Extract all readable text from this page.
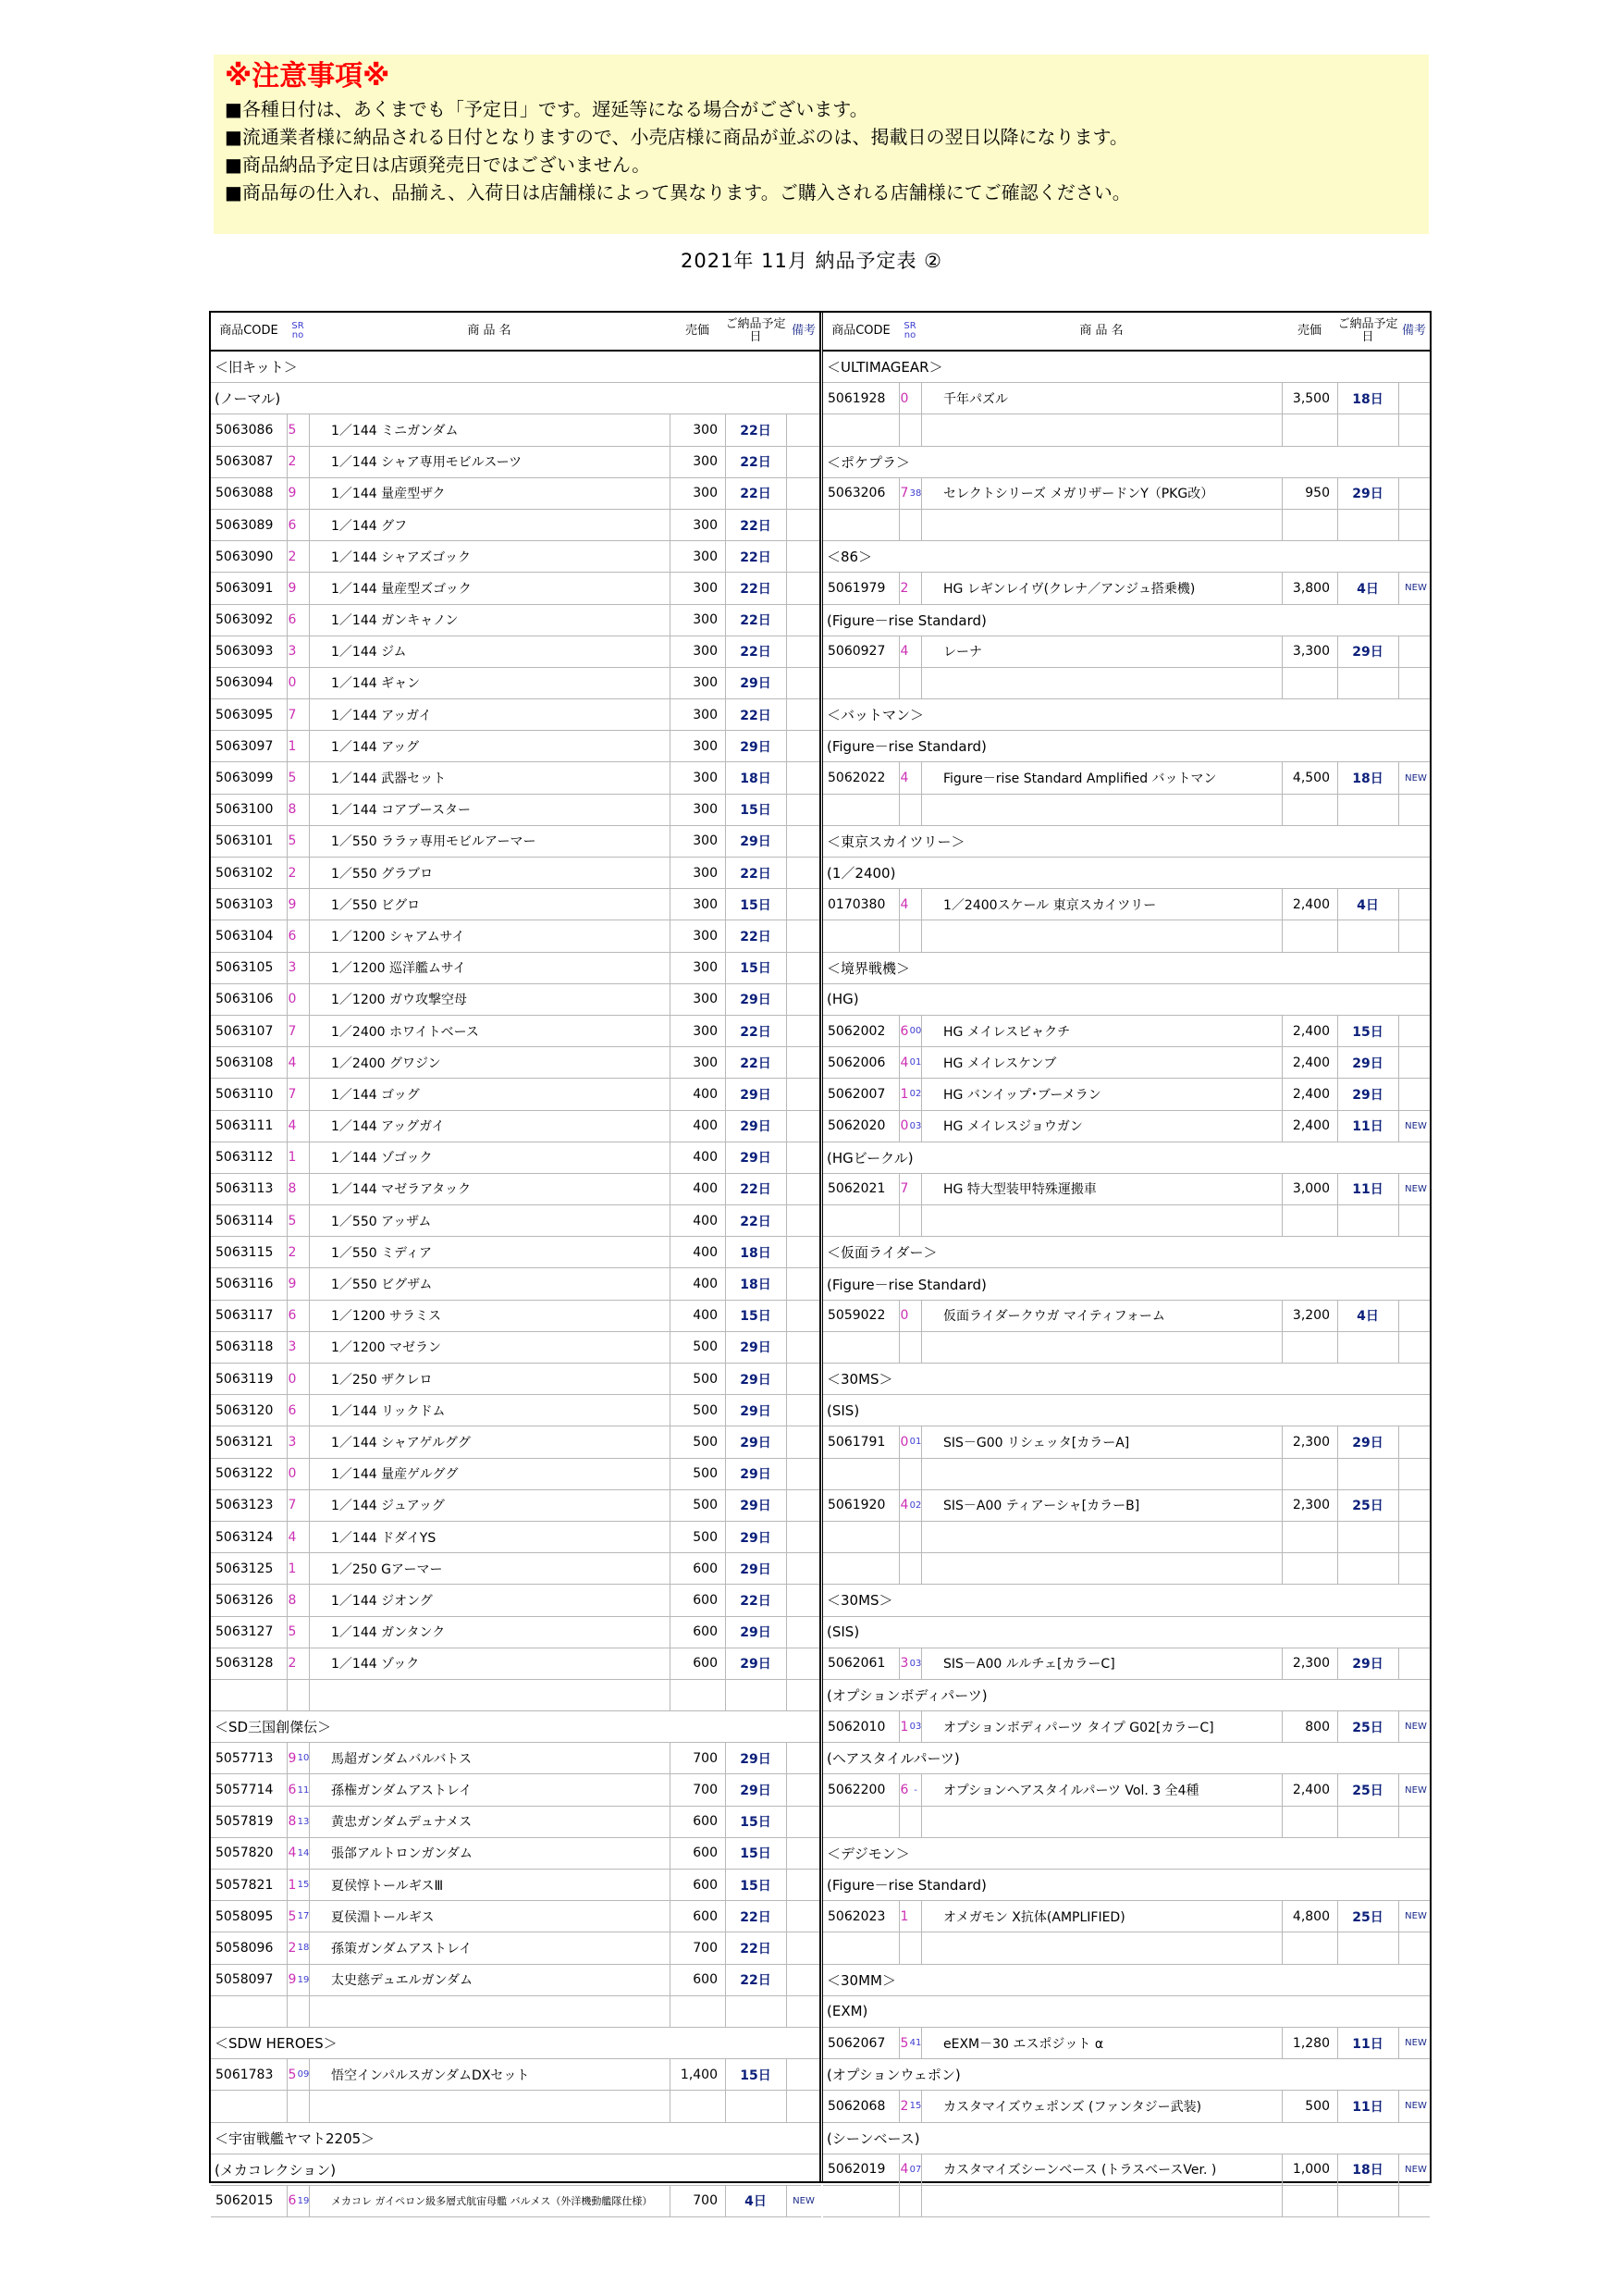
※注意事項※
■各種日付は、あくまでも「予定日」です。遅延等になる場合がございます。
■流通業者様に納品される日付となりますので、小売店様に商品が並ぶのは、掲載日の翌日以降になります。
■商品納品予定日は店頭発売日ではございません。
■商品毎の仕入れ、品揃え、入荷日は店舗様によって異なります。ご購入される店舗様にてご確認ください。
2021年 11月 納品予定表 ②
商品CODE	SR no	商 品 名	売価	ご納品予定日	備考
＜旧キット＞
(ノーマル)
5063086	5	1／144 ミニガンダム	300	22日
5063087	2	1／144 シャア専用モビルスーツ	300	22日
5063088	9	1／144 量産型ザク	300	22日
5063089	6	1／144 グフ	300	22日
5063090	2	1／144 シャアズゴック	300	22日
5063091	9	1／144 量産型ズゴック	300	22日
5063092	6	1／144 ガンキャノン	300	22日
5063093	3	1／144 ジム	300	22日
5063094	0	1／144 ギャン	300	29日
5063095	7	1／144 アッガイ	300	22日
5063097	1	1／144 アッグ	300	29日
5063099	5	1／144 武器セット	300	18日
5063100	8	1／144 コアブースター	300	15日
5063101	5	1／550 ララァ専用モビルアーマー	300	29日
5063102	2	1／550 グラブロ	300	22日
5063103	9	1／550 ビグロ	300	15日
5063104	6	1／1200 シャアムサイ	300	22日
5063105	3	1／1200 巡洋艦ムサイ	300	15日
5063106	0	1／1200 ガウ攻撃空母	300	29日
5063107	7	1／2400 ホワイトベース	300	22日
5063108	4	1／2400 グワジン	300	22日
5063110	7	1／144 ゴッグ	400	29日
5063111	4	1／144 アッグガイ	400	29日
5063112	1	1／144 ゾゴック	400	29日
5063113	8	1／144 マゼラアタック	400	22日
5063114	5	1／550 アッザム	400	22日
5063115	2	1／550 ミディア	400	18日
5063116	9	1／550 ビグザム	400	18日
5063117	6	1／1200 サラミス	400	15日
5063118	3	1／1200 マゼラン	500	29日
5063119	0	1／250 ザクレロ	500	29日
5063120	6	1／144 リックドム	500	29日
5063121	3	1／144 シャアゲルググ	500	29日
5063122	0	1／144 量産ゲルググ	500	29日
5063123	7	1／144 ジュアッグ	500	29日
5063124	4	1／144 ドダイYS	500	29日
5063125	1	1／250 Gアーマー	600	29日
5063126	8	1／144 ジオング	600	22日
5063127	5	1／144 ガンタンク	600	29日
5063128	2	1／144 ゾック	600	29日
＜SD三国創傑伝＞
5057713	9 10	馬超ガンダムバルバトス	700	29日
5057714	6 11	孫権ガンダムアストレイ	700	29日
5057819	8 13	黄忠ガンダムデュナメス	600	15日
5057820	4 14	張郃アルトロンガンダム	600	15日
5057821	1 15	夏侯惇トールギスⅢ	600	15日
5058095	5 17	夏侯淵トールギス	600	22日
5058096	2 18	孫策ガンダムアストレイ	700	22日
5058097	9 19	太史慈デュエルガンダム	600	22日
＜SDW HEROES＞
5061783	5 09	悟空インパルスガンダムDXセット	1,400	15日
＜宇宙戦艦ヤマト2205＞
(メカコレクション)
5062015	6 19	メカコレ ガイペロン級多層式航宙母艦 バルメス（外洋機動艦隊仕様）	700	4日	NEW
商品CODE	SR no	商 品 名	売価	ご納品予定日	備考
＜ULTIMAGEAR＞
5061928	0	千年パズル	3,500	18日
＜ポケプラ＞
5063206	7 38	セレクトシリーズ メガリザードンY（PKG改）	950	29日
＜86＞
5061979	2	HG レギンレイヴ(クレナ／アンジュ搭乗機)	3,800	4日	NEW
(Figure－rise Standard)
5060927	4	レーナ	3,300	29日
＜バットマン＞
(Figure－rise Standard)
5062022	4	Figure－rise Standard Amplified バットマン	4,500	18日	NEW
＜東京スカイツリー＞
(1／2400)
0170380	4	1／2400スケール 東京スカイツリー	2,400	4日
＜境界戦機＞
(HG)
5062002	6 00	HG メイレスビャクチ	2,400	15日
5062006	4 01	HG メイレスケンブ	2,400	29日
5062007	1 02	HG バンイップ･ブーメラン	2,400	29日
5062020	0 03	HG メイレスジョウガン	2,400	11日	NEW
(HGビークル)
5062021	7	HG 特大型装甲特殊運搬車	3,000	11日	NEW
＜仮面ライダー＞
(Figure－rise Standard)
5059022	0	仮面ライダークウガ マイティフォーム	3,200	4日
＜30MS＞
(SIS)
5061791	0 01	SIS－G00 リシェッタ[カラーA]	2,300	29日
5061920	4 02	SIS－A00 ティアーシャ[カラーB]	2,300	25日
＜30MS＞
(SIS)
5062061	3 03	SIS－A00 ルルチェ[カラーC]	2,300	29日
(オプションボディパーツ)
5062010	1 03	オプションボディパーツ タイプ G02[カラーC]	800	25日	NEW
(ヘアスタイルパーツ)
5062200	6 -	オプションヘアスタイルパーツ Vol. 3 全4種	2,400	25日	NEW
＜デジモン＞
(Figure－rise Standard)
5062023	1	オメガモン X抗体(AMPLIFIED)	4,800	25日	NEW
＜30MM＞
(EXM)
5062067	5 41	eEXM－30 エスポジット α	1,280	11日	NEW
(オプションウェポン)
5062068	2 15	カスタマイズウェポンズ (ファンタジー武装)	500	11日	NEW
(シーンベース)
5062019	4 07	カスタマイズシーンベース (トラスベースVer. )	1,000	18日	NEW
